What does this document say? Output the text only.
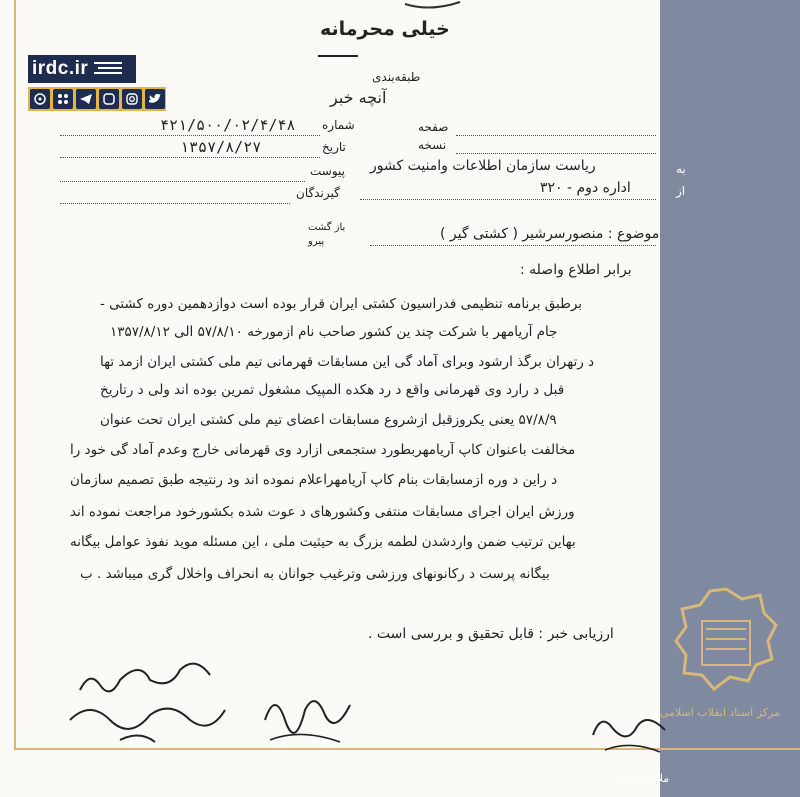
irdc.ir
خیلی محرمانه
طبقه‌بندی
آنچه خبر
صفحه
نسخه
شماره
۴۲۱/۵۰۰/۰۲/۴/۴۸
تاریخ
۱۳۵۷/۸/۲۷
پیوست
گیرندگان
به
ریاست سازمان اطلاعات وامنیت کشور
از
اداره دوم - ۳۲۰
باز گشت
پیرو	موضوع : منصورسرشیر ( کشتی گیر )
برابر اطلاع واصله :
برطبق برنامه تنظیمی فدراسیون کشتی ایران قرار بوده است دوازدهمین دوره کشتی -
جام آریامهر با شرکت چند ین کشور صاحب نام ازمورخه ۵۷/۸/۱۰ الی ۱۳۵۷/۸/۱۲
د رتهران برگذ ارشود وبرای آماد گی این مسابقات قهرمانی تیم ملی کشتی ایران ازمد تها
قبل د رارد وی قهرمانی واقع د رد هکده المپیک مشغول تمرین بوده اند ولی د رتاریخ
۵۷/۸/۹ یعنی یکروزقبل ازشروع مسابقات اعضای تیم ملی کشتی ایران تحت عنوان
مخالفت باعنوان کاپ آریامهربطورد ستجمعی ازارد وی قهرمانی خارج وعدم آماد گی خود را
د راین د وره ازمسابقات بنام کاپ آریامهراعلام نموده اند ود رنتیجه طبق تصمیم سازمان
ورزش ایران اجرای مسابقات منتفی وکشورهای د عوت شده بکشورخود مراجعت نموده اند
بهاین ترتیب ضمن واردشدن لطمه بزرگ به حیثیت ملی ، این مسئله موید نفوذ عوامل بیگانه
بیگانه پرست د رکانونهای ورزشی وترغیب جوانان به انحراف واخلال گری میباشد . ب
ارزیابی خبر : قابل تحقیق و بررسی است .
ملاحظات :
مرکز اسناد انقلاب اسلامی
